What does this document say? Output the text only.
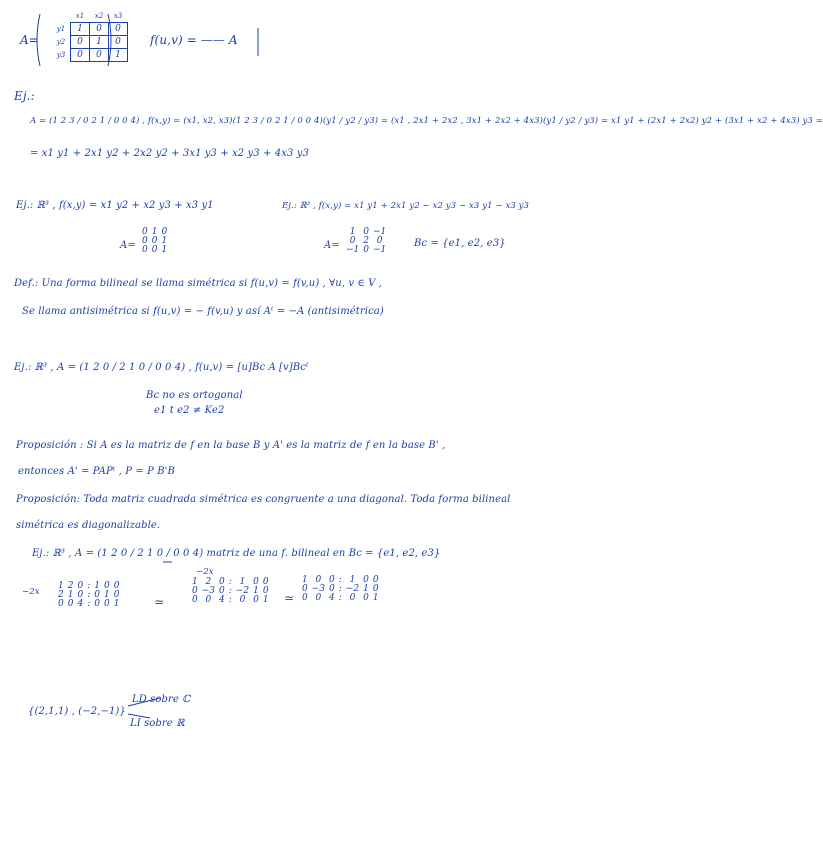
A=
	x1	x2	x3
y1	1	0	0
y2	0	1	0
y3	0	0	1
f(u,v) = —— A
Ej.:
A = (1 2 3 / 0 2 1 / 0 0 4) , f(x,y) = (x1, x2, x3)(1 2 3 / 0 2 1 / 0 0 4)(y1 / y2 / y3) = (x1 , 2x1 + 2x2 , 3x1 + 2x2 + 4x3)(y1 / y2 / y3) = x1 y1 + (2x1 + 2x2) y2 + (3x1 + x2 + 4x3) y3 =
= x1 y1 + 2x1 y2 + 2x2 y2 + 3x1 y3 + x2 y3 + 4x3 y3
Ej.: ℝ³ , f(x,y) = x1 y2 + x2 y3 + x3 y1
A=
0	1	0
0	0	1
0	0	1
Ej.: ℝ³ , f(x,y) = x1 y1 + 2x1 y2 − x2 y3 − x3 y1 − x3 y3
A=
1	0	−1
0	2	0
−1	0	−1
Bc = {e1, e2, e3}
Def.: Una forma bilineal se llama simétrica si f(u,v) = f(v,u) , ∀u, v ∈ V ,
Se llama antisimétrica si f(u,v) = − f(v,u) y así Aᵗ = −A (antisimétrica)
Ej.: ℝ³ , A = (1 2 0 / 2 1 0 / 0 0 4) , f(u,v) = [u]Bc A [v]Bcᵗ
Bc no es ortogonal
e1 t e2 ≠ Ke2
Proposición : Si A es la matriz de f en la base B y A' es la matriz de f en la base B' ,
entonces A' = PAPᵗ , P = P B'B
Proposición: Toda matriz cuadrada simétrica es congruente a una diagonal. Toda forma bilineal
simétrica es diagonalizable.
Ej.: ℝ³ , A = (1 2 0 / 2 1 0 / 0 0 4) matriz de una f. bilineal en Bc = {e1, e2, e3}
−2x
−2x
1	2	0	:	1	0	0
2	1	0	:	0	1	0
0	0	4	:	0	0	1	≃
1	2	0	:	1	0	0
0	−3	0	:	−2	1	0
0	0	4	:	0	0	1 ≃
1	0	0	:	1	0	0
0	−3	0	:	−2	1	0
0	0	4	:	0	0	1
{(2,1,1) , (−2,−1)}
LD sobre ℂ
LI sobre ℝ
